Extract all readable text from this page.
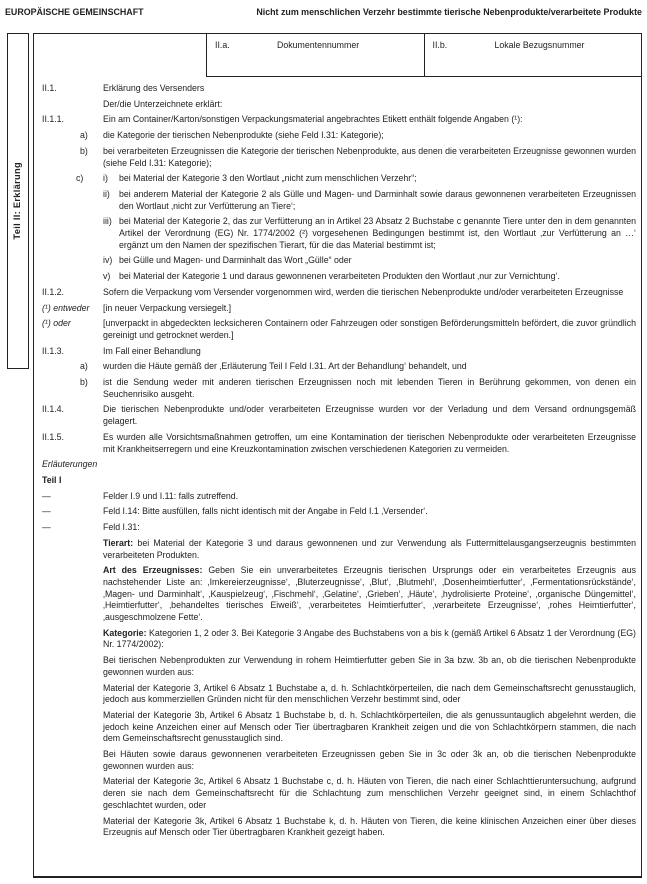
EUROPÄISCHE GEMEINSCHAFT	Nicht zum menschlichen Verzehr bestimmte tierische Nebenprodukte/verarbeitete Produkte
Teil II: Erklärung
II.a.	Dokumentennummer	II.b.	Lokale Bezugsnummer
II.1.	Erklärung des Versenders
Der/die Unterzeichnete erklärt:
II.1.1.	Ein am Container/Karton/sonstigen Verpackungsmaterial angebrachtes Etikett enthält folgende Angaben (¹):
a)	die Kategorie der tierischen Nebenprodukte (siehe Feld I.31: Kategorie);
b)	bei verarbeiteten Erzeugnissen die Kategorie der tierischen Nebenprodukte, aus denen die verarbeiteten Erzeugnisse gewonnen wurden (siehe Feld I.31: Kategorie);
c)	i)	bei Material der Kategorie 3 den Wortlaut „nicht zum menschlichen Verzehr“;
ii)	bei anderem Material der Kategorie 2 als Gülle und Magen- und Darminhalt sowie daraus gewonnenen verarbeiteten Erzeugnissen den Wortlaut ‚nicht zur Verfütterung an Tiere‘;
iii) bei Material der Kategorie 2, das zur Verfütterung an in Artikel 23 Absatz 2 Buchstabe c genannte Tiere unter den in dem genannten Artikel der Verordnung (EG) Nr. 1774/2002 (²) vorgesehenen Bedingungen bestimmt ist, den Wortlaut ‚zur Verfütterung an …‘ ergänzt um den Namen der spezifischen Tierart, für die das Material bestimmt ist;
iv) bei Gülle und Magen- und Darminhalt das Wort „Gülle“ oder
v) bei Material der Kategorie 1 und daraus gewonnenen verarbeiteten Produkten den Wortlaut ‚nur zur Vernichtung‘.
II.1.2.	Sofern die Verpackung vom Versender vorgenommen wird, werden die tierischen Nebenprodukte und/oder verarbeiteten Erzeugnisse
(¹) entweder	[in neuer Verpackung versiegelt.]
(¹) oder	[unverpackt in abgedeckten lecksicheren Containern oder Fahrzeugen oder sonstigen Beförderungsmitteln befördert, die zuvor gründlich gereinigt und getrocknet werden.]
II.1.3.	Im Fall einer Behandlung
a)	wurden die Häute gemäß der ‚Erläuterung Teil I Feld I.31. Art der Behandlung‘ behandelt, und
b)	ist die Sendung weder mit anderen tierischen Erzeugnissen noch mit lebenden Tieren in Berührung gekommen, von denen ein Seuchenrisiko ausgeht.
II.1.4.	Die tierischen Nebenprodukte und/oder verarbeiteten Erzeugnisse wurden vor der Verladung und dem Versand ordnungsgemäß gelagert.
II.1.5.	Es wurden alle Vorsichtsmaßnahmen getroffen, um eine Kontamination der tierischen Nebenprodukte oder verarbeiteten Erzeugnisse mit Krankheitserregern und eine Kreuzkontamination zwischen verschiedenen Kategorien zu vermeiden.
Erläuterungen
Teil I
—	Felder I.9 und I.11: falls zutreffend.
—	Feld I.14: Bitte ausfüllen, falls nicht identisch mit der Angabe in Feld I.1 ‚Versender‘.
—	Feld I.31:

Tierart: bei Material der Kategorie 3 und daraus gewonnenen und zur Verwendung als Futtermittelausgangserzeugnis bestimmten verarbeiteten Produkten.

Art des Erzeugnisses: Geben Sie ein unverarbeitetes Erzeugnis tierischen Ursprungs oder ein verarbeitetes Erzeugnis aus nachstehender Liste an: ‚Imkereierzeugnisse‘, ‚Bluterzeugnisse‘, ‚Blut‘, ‚Blutmehl‘, ‚Dosenheimtierfutter‘, ‚Fermentationsrückstände‘, ‚Magen- und Darminhalt‘, ‚Kauspielzeug‘, ‚Fischmehl‘, ‚Gelatine‘, ‚Grieben‘, ‚Häute‘, ‚hydrolisierte Proteine‘, ‚organische Düngemittel‘, ‚Heimtierfutter‘, ‚behandeltes tierisches Eiweiß‘, ‚verarbeitetes Heimtierfutter‘, ‚verarbeitete Erzeugnisse‘, ‚rohes Heimtierfutter‘, ‚ausgeschmolzene Fette‘.

Kategorie: Kategorien 1, 2 oder 3. Bei Kategorie 3 Angabe des Buchstabens von a bis k (gemäß Artikel 6 Absatz 1 der Verordnung (EG) Nr. 1774/2002):

Bei tierischen Nebenprodukten zur Verwendung in rohem Heimtierfutter geben Sie in 3a bzw. 3b an, ob die tierischen Nebenprodukte gewonnen wurden aus:

Material der Kategorie 3, Artikel 6 Absatz 1 Buchstabe a, d. h. Schlachtkörperteilen, die nach dem Gemeinschaftsrecht genusstauglich, jedoch aus kommerziellen Gründen nicht für den menschlichen Verzehr bestimmt sind, oder

Material der Kategorie 3b, Artikel 6 Absatz 1 Buchstabe b, d. h. Schlachtkörperteilen, die als genussuntauglich abgelehnt werden, die jedoch keine Anzeichen einer auf Mensch oder Tier übertragbaren Krankheit zeigen und die von Schlachtkörpern stammen, die nach dem Gemeinschaftsrecht genusstauglich sind.

Bei Häuten sowie daraus gewonnenen verarbeiteten Erzeugnissen geben Sie in 3c oder 3k an, ob die tierischen Nebenprodukte gewonnen wurden aus:

Material der Kategorie 3c, Artikel 6 Absatz 1 Buchstabe c, d. h. Häuten von Tieren, die nach einer Schlachttieruntersuchung, aufgrund deren sie nach dem Gemeinschaftsrecht für die Schlachtung zum menschlichen Verzehr geeignet sind, in einem Schlachthof geschlachtet wurden, oder

Material der Kategorie 3k, Artikel 6 Absatz 1 Buchstabe k, d. h. Häuten von Tieren, die keine klinischen Anzeichen einer über dieses Erzeugnis auf Mensch oder Tier übertragbaren Krankheit gezeigt haben.
